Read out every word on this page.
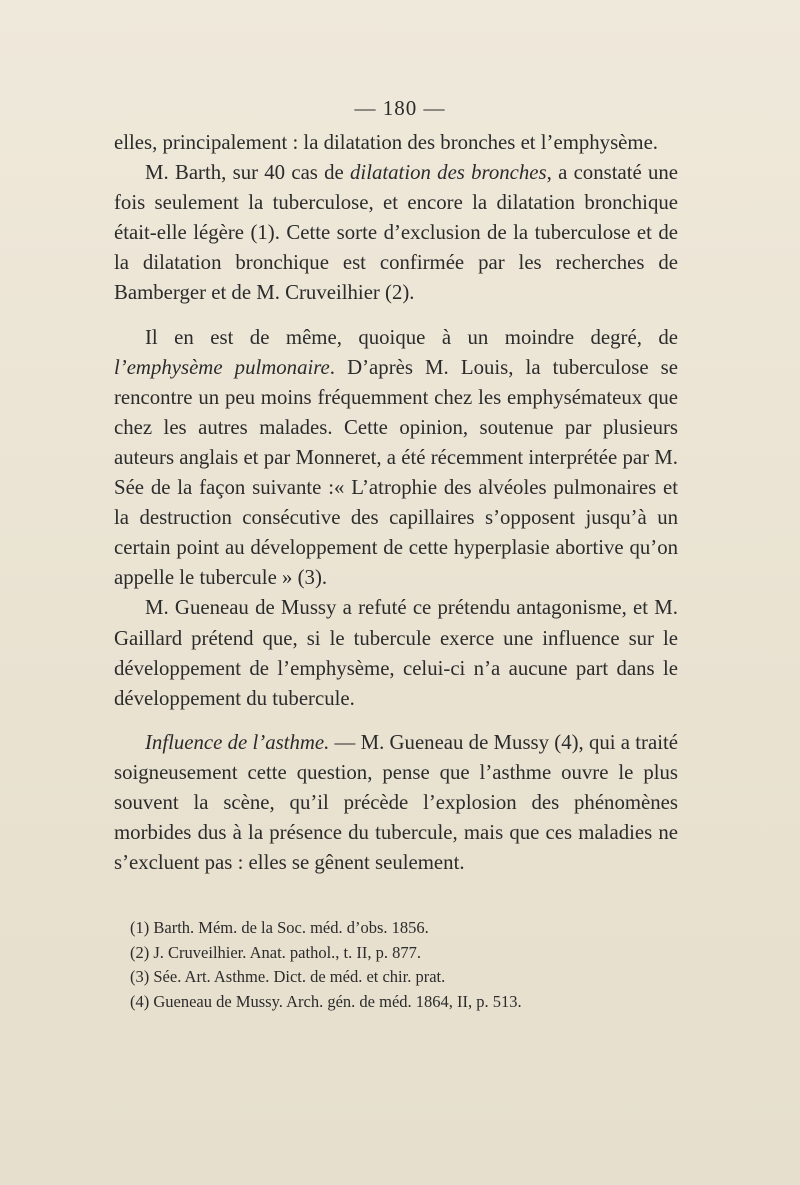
— 180 —

elles, principalement : la dilatation des bronches et l’emphysème.

M. Barth, sur 40 cas de dilatation des bronches, a constaté une fois seulement la tuberculose, et encore la dilatation bronchique était-elle légère (1). Cette sorte d’exclusion de la tuberculose et de la dilatation bronchique est confirmée par les recherches de Bamberger et de M. Cruveilhier (2).

Il en est de même, quoique à un moindre degré, de l’emphysème pulmonaire. D’après M. Louis, la tuberculose se rencontre un peu moins fréquemment chez les emphysémateux que chez les autres malades. Cette opinion, soutenue par plusieurs auteurs anglais et par Monneret, a été récemment interprétée par M. Sée de la façon suivante :« L’atrophie des alvéoles pulmonaires et la destruction consécutive des capillaires s’opposent jusqu’à un certain point au développement de cette hyperplasie abortive qu’on appelle le tubercule » (3).

M. Gueneau de Mussy a refuté ce prétendu antagonisme, et M. Gaillard prétend que, si le tubercule exerce une influence sur le développement de l’emphysème, celui-ci n’a aucune part dans le développement du tubercule.

Influence de l’asthme. — M. Gueneau de Mussy (4), qui a traité soigneusement cette question, pense que l’asthme ouvre le plus souvent la scène, qu’il précède l’explosion des phénomènes morbides dus à la présence du tubercule, mais que ces maladies ne s’excluent pas : elles se gênent seulement.

(1) Barth. Mém. de la Soc. méd. d’obs. 1856.
(2) J. Cruveilhier. Anat. pathol., t. II, p. 877.
(3) Sée. Art. Asthme. Dict. de méd. et chir. prat.
(4) Gueneau de Mussy. Arch. gén. de méd. 1864, II, p. 513.
